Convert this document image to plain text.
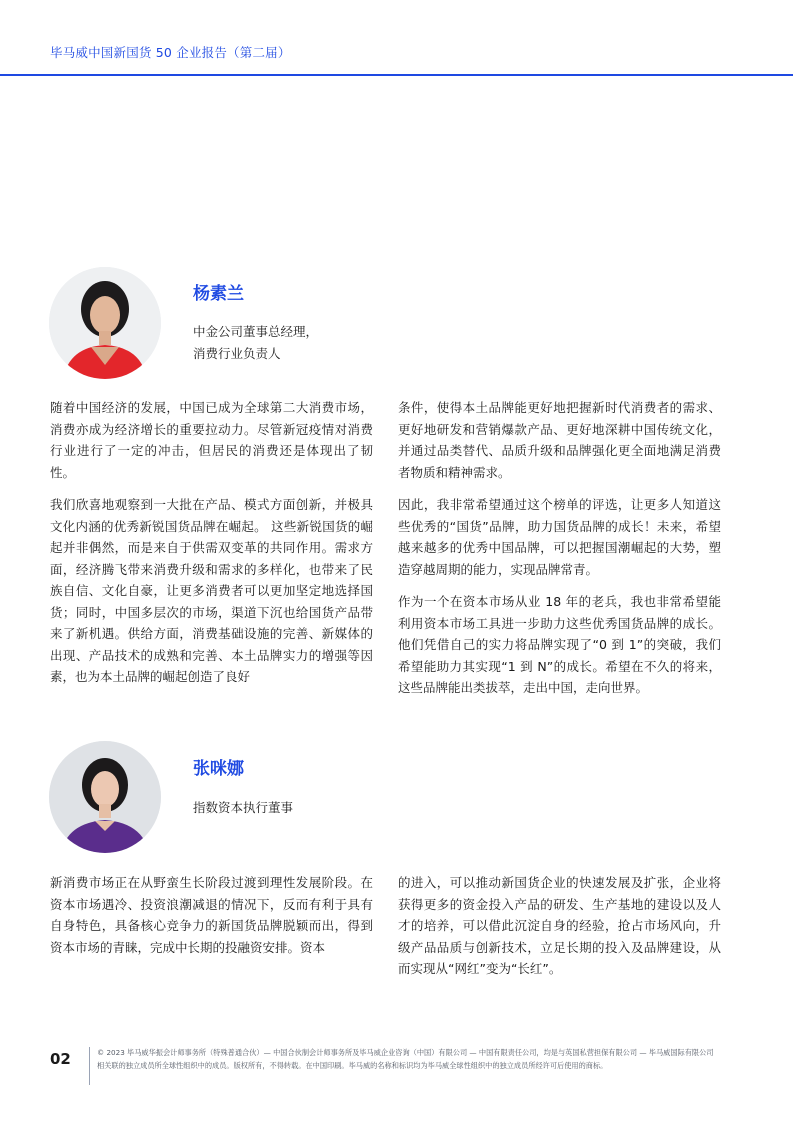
毕马威中国新国货 50 企业报告（第二届）
杨素兰
中金公司董事总经理，
消费行业负责人

随着中国经济的发展，中国已成为全球第二大消费市场，消费亦成为经济增长的重要拉动力。尽管新冠疫情对消费行业进行了一定的冲击，但居民的消费还是体现出了韧性。

我们欣喜地观察到一大批在产品、模式方面创新，并极具文化内涵的优秀新锐国货品牌在崛起。 这些新锐国货的崛起并非偶然，而是来自于供需双变革的共同作用。需求方面，经济腾飞带来消费升级和需求的多样化，也带来了民族自信、文化自豪，让更多消费者可以更加坚定地选择国货；同时，中国多层次的市场，渠道下沉也给国货产品带来了新机遇。供给方面，消费基础设施的完善、新媒体的出现、产品技术的成熟和完善、本土品牌实力的增强等因素，也为本土品牌的崛起创造了良好

条件，使得本土品牌能更好地把握新时代消费者的需求、更好地研发和营销爆款产品、更好地深耕中国传统文化，并通过品类替代、品质升级和品牌强化更全面地满足消费者物质和精神需求。

因此，我非常希望通过这个榜单的评选，让更多人知道这些优秀的“国货”品牌，助力国货品牌的成长！未来，希望越来越多的优秀中国品牌，可以把握国潮崛起的大势，塑造穿越周期的能力，实现品牌常青。

作为一个在资本市场从业 18 年的老兵，我也非常希望能利用资本市场工具进一步助力这些优秀国货品牌的成长。他们凭借自己的实力将品牌实现了“0 到 1”的突破，我们希望能助力其实现“1 到 N”的成长。希望在不久的将来，这些品牌能出类拔萃，走出中国，走向世界。

张咪娜
指数资本执行董事

新消费市场正在从野蛮生长阶段过渡到理性发展阶段。在资本市场遇冷、投资浪潮减退的情况下，反而有利于具有自身特色，具备核心竞争力的新国货品牌脱颖而出，得到资本市场的青睐，完成中长期的投融资安排。资本

的进入，可以推动新国货企业的快速发展及扩张，企业将获得更多的资金投入产品的研发、生产基地的建设以及人才的培养，可以借此沉淀自身的经验，抢占市场风向，升级产品品质与创新技术，立足长期的投入及品牌建设，从而实现从“网红”变为“长红”。

02	© 2023 毕马威华振会计师事务所（特殊普通合伙）— 中国合伙制会计师事务所及毕马威企业咨询（中国）有限公司 — 中国有限责任公司，均是与英国私营担保有限公司 — 毕马威国际有限公司相关联的独立成员所全球性组织中的成员。版权所有，不得转载。在中国印刷。毕马威的名称和标识均为毕马威全球性组织中的独立成员所经许可后使用的商标。
